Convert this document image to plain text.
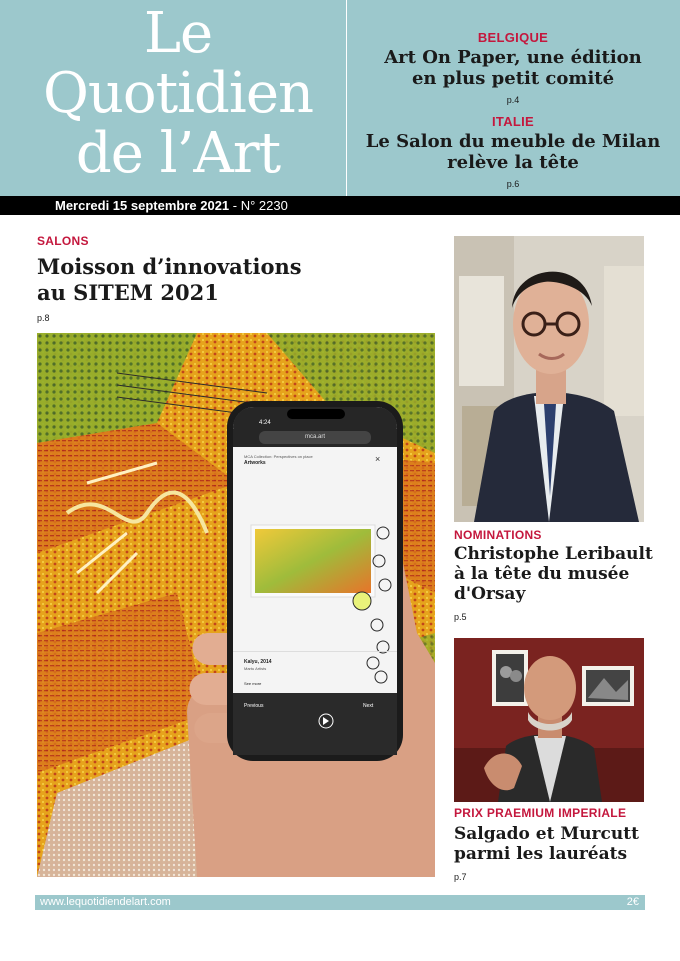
Le
Quotidien
de l’Art
BELGIQUE
Art On Paper, une édition
en plus petit comité
p.4
ITALIE
Le Salon du meuble de Milan
relève la tête
p.6
Mercredi 15 septembre 2021 - N° 2230
SALONS
Moisson d’innovations
au SITEM 2021
p.8
4:24
mca.art
MCA Collection: Perspectives on place
Artworks	×
Kalyu, 2014
Martu Artists
See more
Previous	Next
NOMINATIONS
Christophe Leribault
à la tête du musée
d'Orsay
p.5
PRIX PRAEMIUM IMPERIALE
Salgado et Murcutt
parmi les lauréats
p.7
www.lequotidiendelart.com	2€
